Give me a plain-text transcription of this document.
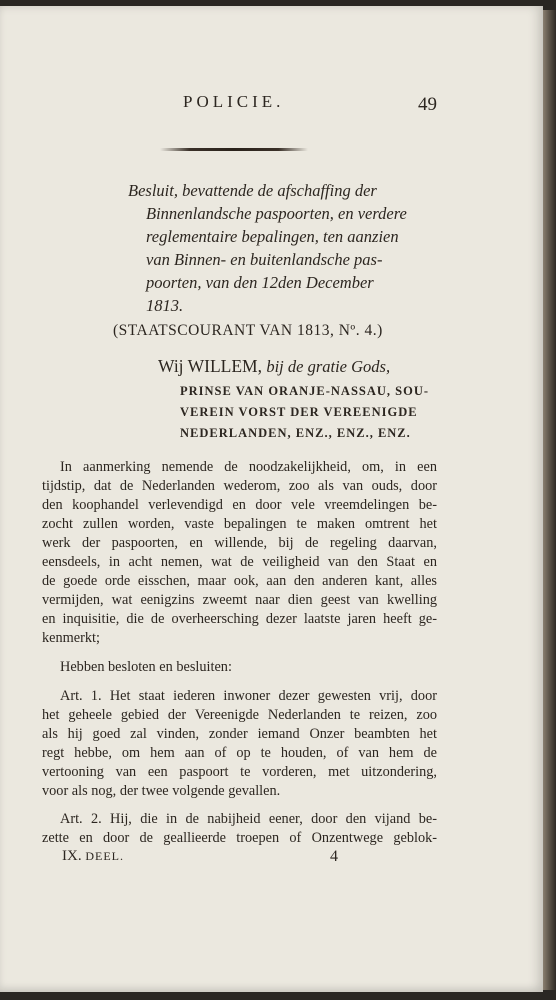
POLICIE.	49
Besluit, bevattende de afschaffing der
Binnenlandsche paspoorten, en verdere
reglementaire bepalingen, ten aanzien
van Binnen- en buitenlandsche pas-
poorten, van den 12den December
1813.
(STAATSCOURANT VAN 1813, Nº. 4.)
Wij WILLEM, bij de gratie Gods,
PRINSE VAN ORANJE-NASSAU, SOU-
VEREIN VORST DER VEREENIGDE
NEDERLANDEN, ENZ., ENZ., ENZ.
In aanmerking nemende de noodzakelijkheid, om, in een
tijdstip, dat de Nederlanden wederom, zoo als van ouds, door
den koophandel verlevendigd en door vele vreemdelingen be-
zocht zullen worden, vaste bepalingen te maken omtrent het
werk der paspoorten, en willende, bij de regeling daarvan,
eensdeels, in acht nemen, wat de veiligheid van den Staat en
de goede orde eisschen, maar ook, aan den anderen kant, alles
vermijden, wat eenigzins zweemt naar dien geest van kwelling
en inquisitie, die de overheersching dezer laatste jaren heeft ge-
kenmerkt;
Hebben besloten en besluiten:
Art. 1. Het staat iederen inwoner dezer gewesten vrij, door
het geheele gebied der Vereenigde Nederlanden te reizen, zoo
als hij goed zal vinden, zonder iemand Onzer beambten het
regt hebbe, om hem aan of op te houden, of van hem de
vertooning van een paspoort te vorderen, met uitzondering,
voor als nog, der twee volgende gevallen.
Art. 2. Hij, die in de nabijheid eener, door den vijand be-
zette en door de geallieerde troepen of Onzentwege geblok-
IX. DEEL.	4
